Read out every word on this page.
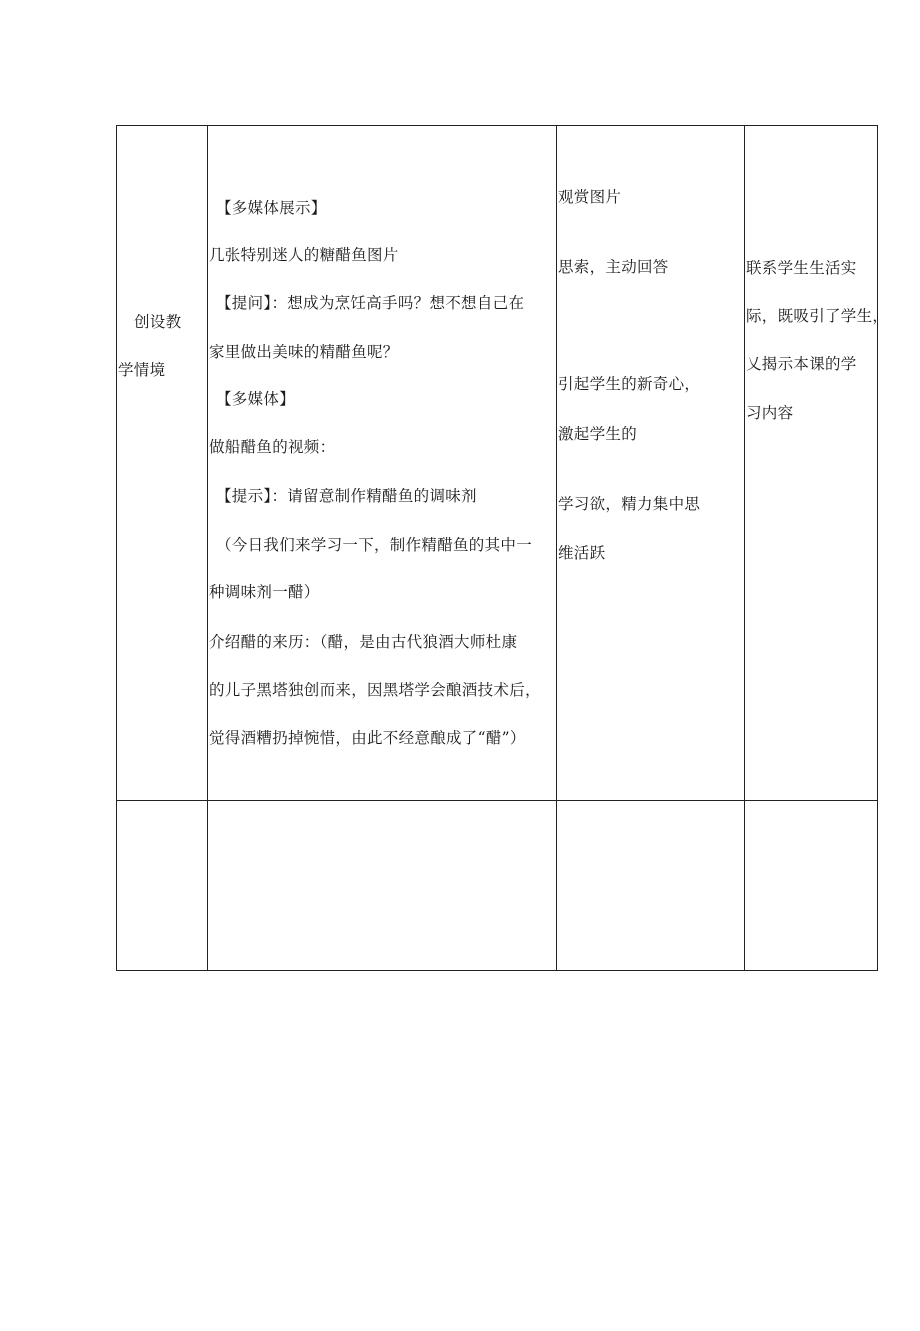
创设教
学情境
【多媒体展示】
几张特别迷人的糖醋鱼图片
【提问】：想成为烹饪高手吗？想不想自己在
家里做出美味的精醋鱼呢？
【多媒体】
做船醋鱼的视频：
【提示】：请留意制作精醋鱼的调味剂
（今日我们来学习一下，制作精醋鱼的其中一
种调味剂一醋）
介绍醋的来历：（醋，是由古代狼酒大师杜康
的儿子黑塔独创而来，因黑塔学会酿酒技术后，
觉得酒糟扔掉惋惜，由此不经意酿成了“醋”）
观赏图片
思索，主动回答
引起学生的新奇心，
激起学生的
学习欲，精力集中思
维活跃
联系学生生活实
际，既吸引了学生，
乂揭示本课的学
习内容
